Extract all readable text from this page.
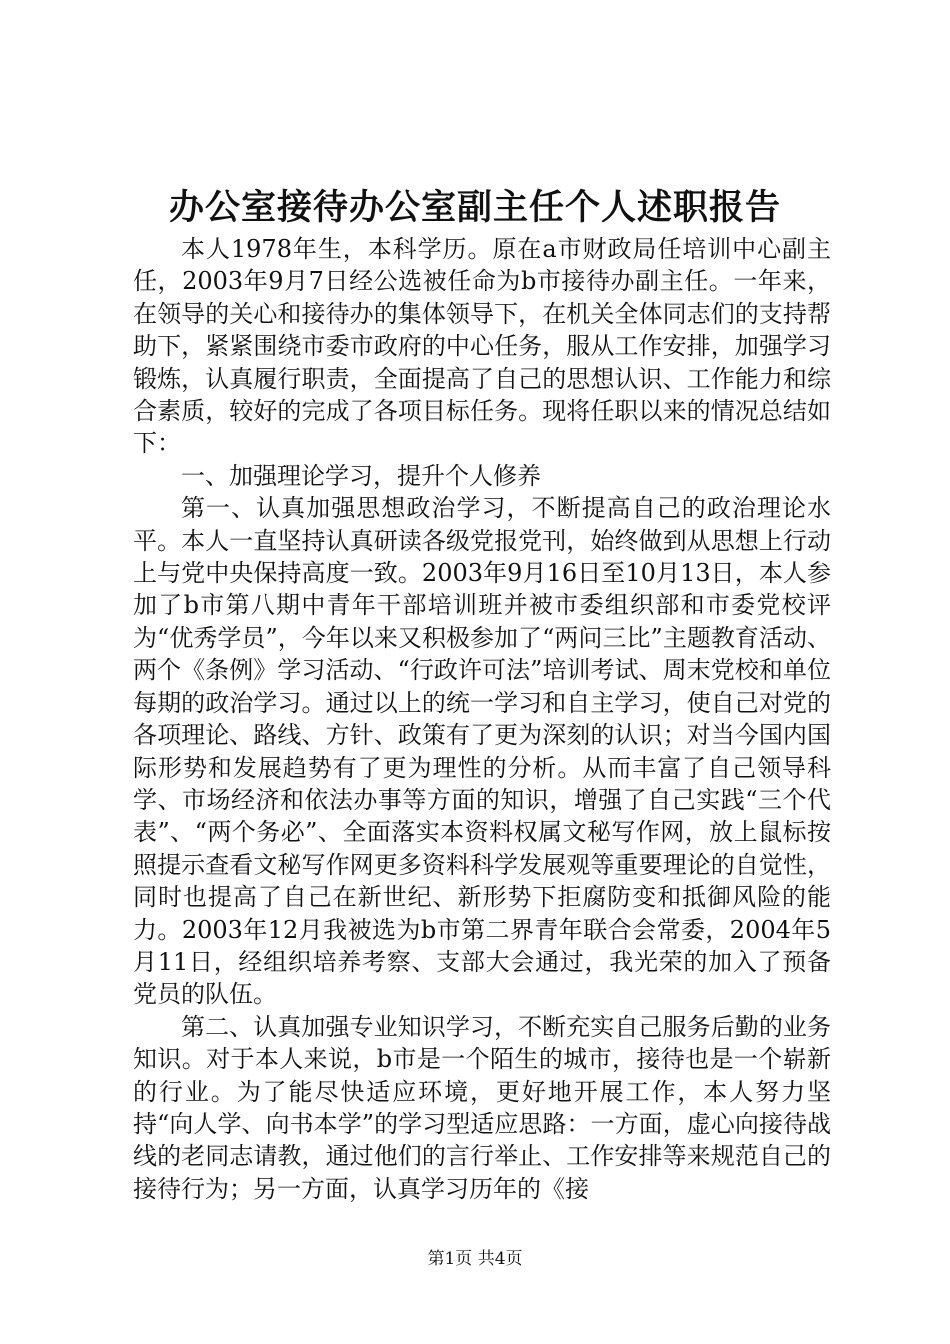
办公室接待办公室副主任个人述职报告

本人1978年生，本科学历。原在a市财政局任培训中心副主任，2003年9月7日经公选被任命为b市接待办副主任。一年来，在领导的关心和接待办的集体领导下，在机关全体同志们的支持帮助下，紧紧围绕市委市政府的中心任务，服从工作安排，加强学习锻炼，认真履行职责，全面提高了自己的思想认识、工作能力和综合素质，较好的完成了各项目标任务。现将任职以来的情况总结如下：

一、加强理论学习，提升个人修养

第一、认真加强思想政治学习，不断提高自己的政治理论水平。本人一直坚持认真研读各级党报党刊，始终做到从思想上行动上与党中央保持高度一致。2003年9月16日至10月13日，本人参加了b市第八期中青年干部培训班并被市委组织部和市委党校评为“优秀学员”，今年以来又积极参加了“两问三比”主题教育活动、两个《条例》学习活动、“行政许可法”培训考试、周末党校和单位每期的政治学习。通过以上的统一学习和自主学习，使自己对党的各项理论、路线、方针、政策有了更为深刻的认识；对当今国内国际形势和发展趋势有了更为理性的分析。从而丰富了自己领导科学、市场经济和依法办事等方面的知识，增强了自己实践“三个代表”、“两个务必”、全面落实本资料权属文秘写作网，放上鼠标按照提示查看文秘写作网更多资料科学发展观等重要理论的自觉性，同时也提高了自己在新世纪、新形势下拒腐防变和抵御风险的能力。2003年12月我被选为b市第二界青年联合会常委，2004年5月11日，经组织培养考察、支部大会通过，我光荣的加入了预备党员的队伍。

第二、认真加强专业知识学习，不断充实自己服务后勤的业务知识。对于本人来说，b市是一个陌生的城市，接待也是一个崭新的行业。为了能尽快适应环境，更好地开展工作，本人努力坚持“向人学、向书本学”的学习型适应思路：一方面，虚心向接待战线的老同志请教，通过他们的言行举止、工作安排等来规范自己的接待行为；另一方面，认真学习历年的《接

第1页 共4页
